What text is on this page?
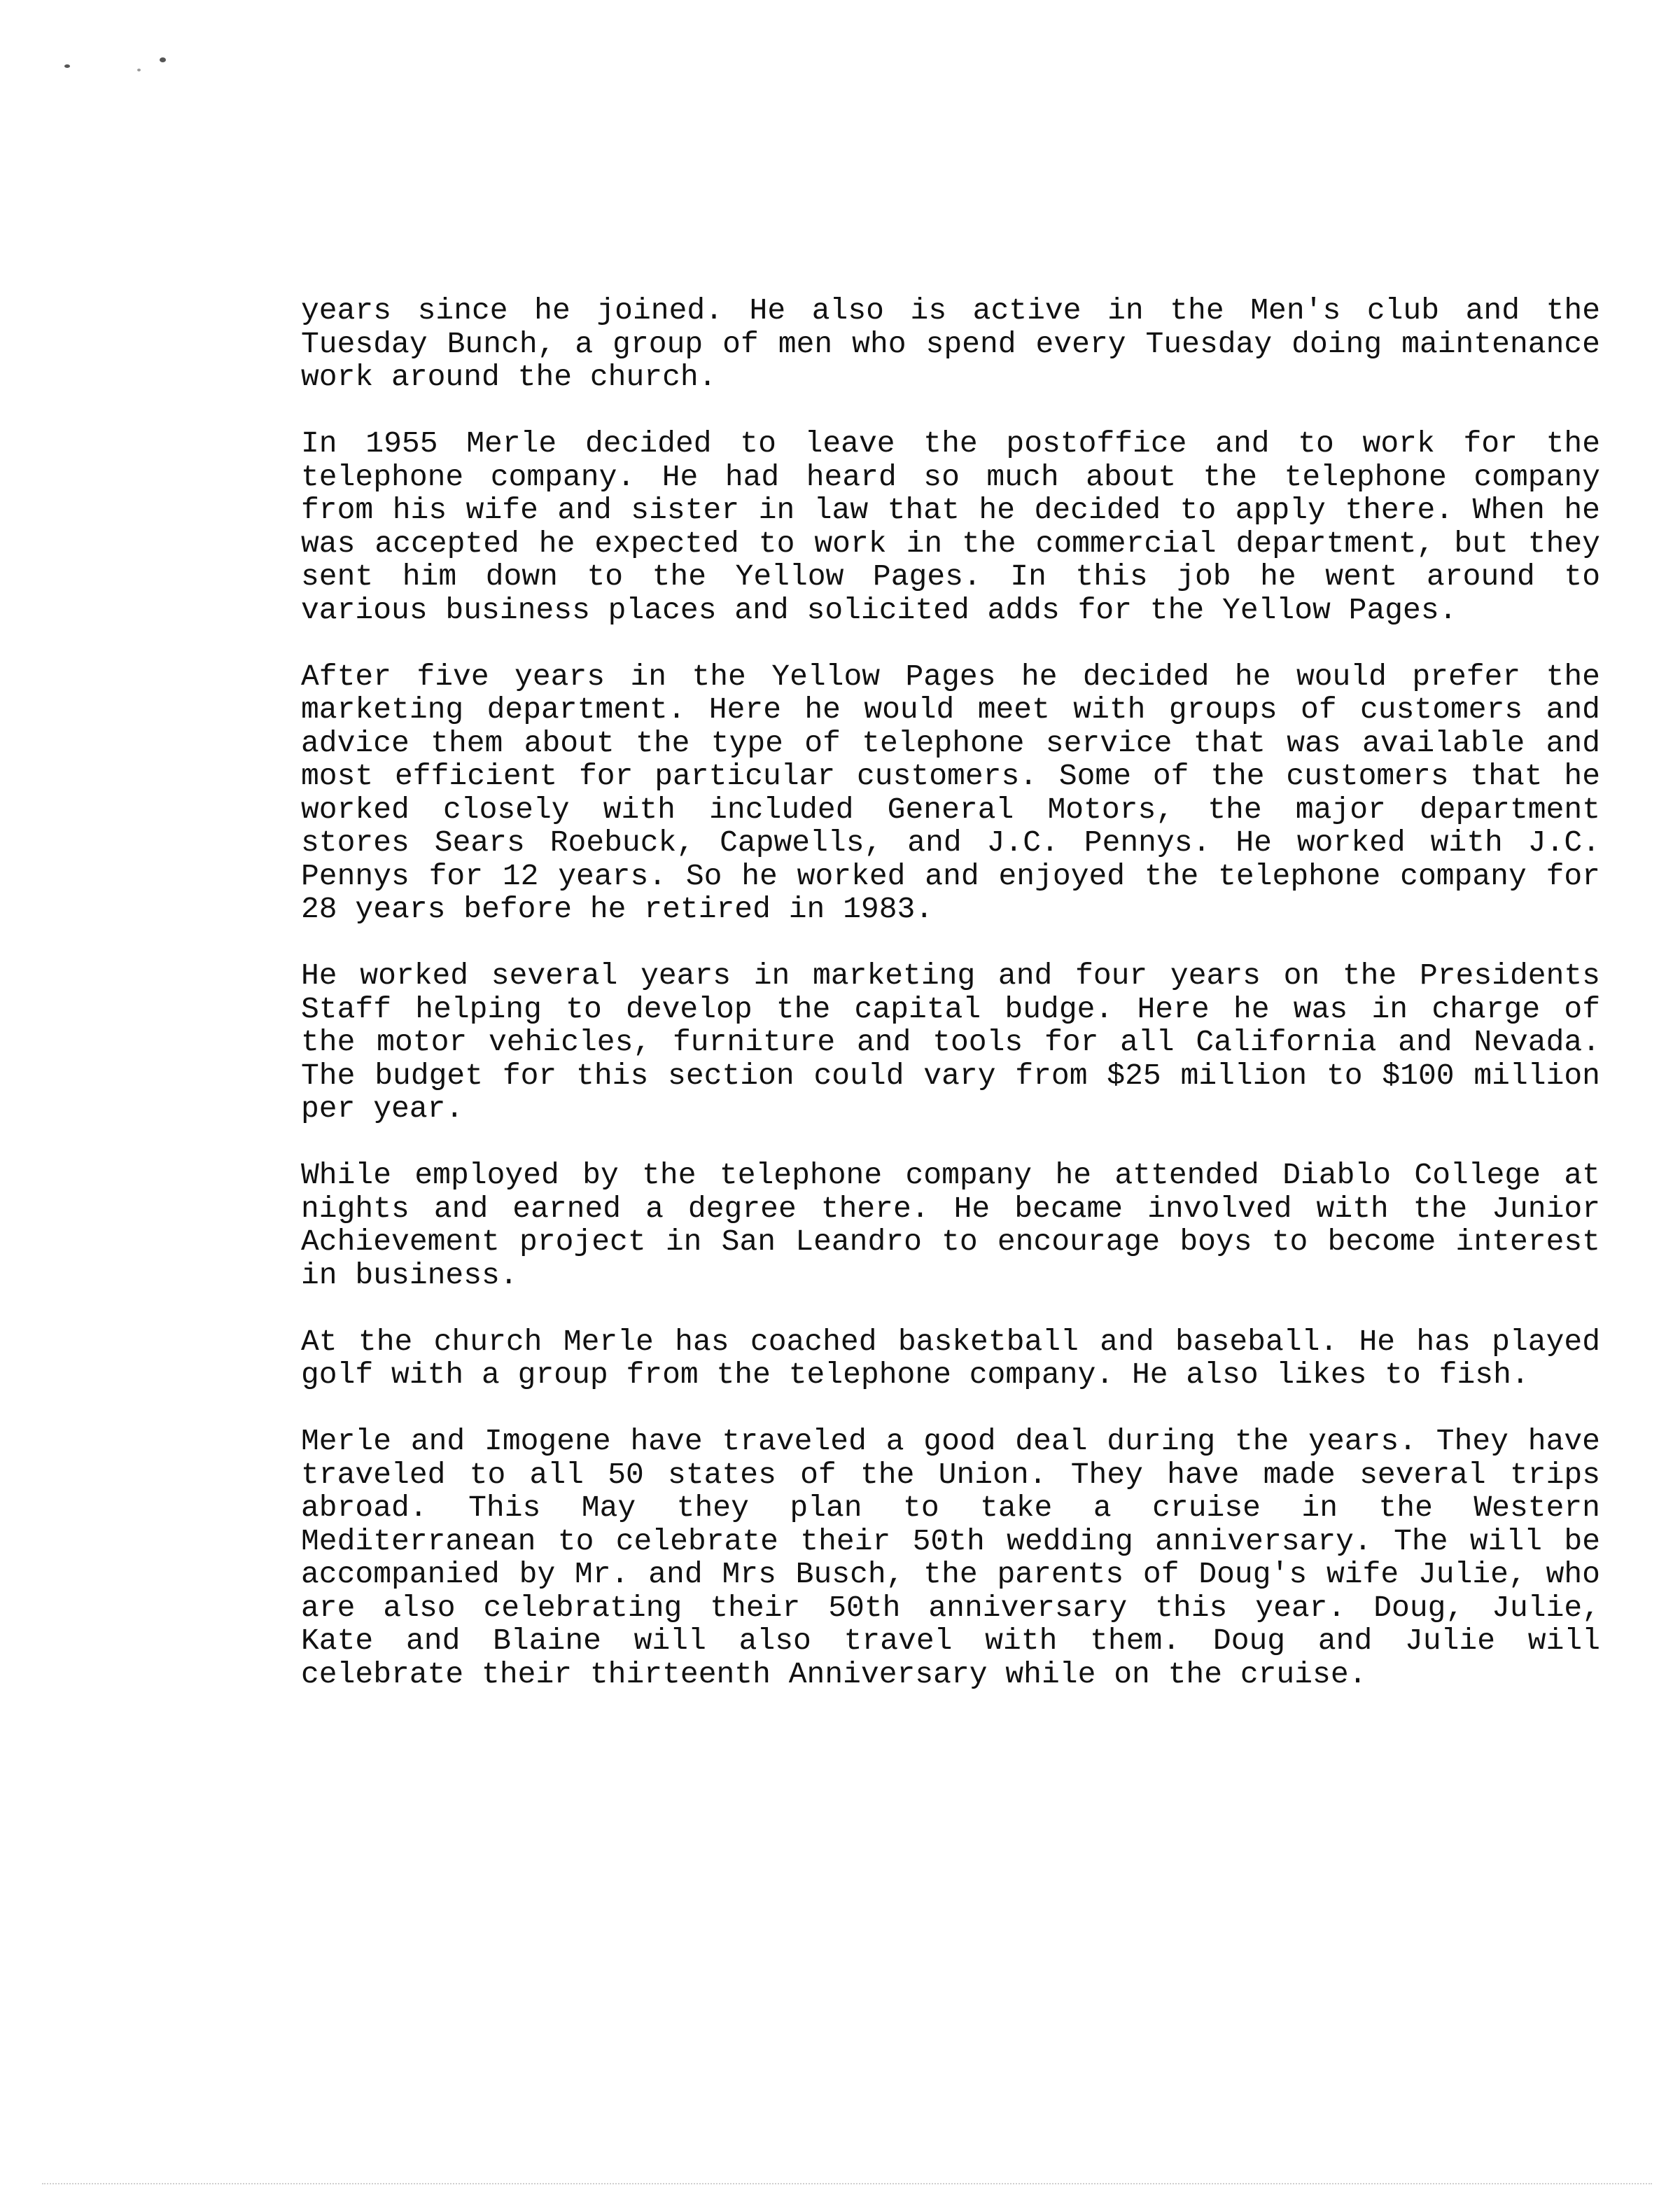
years since he joined. He also is active in the Men's club and the Tuesday Bunch, a group of men who spend every Tuesday doing maintenance work around the church.

In 1955 Merle decided to leave the postoffice and to work for the telephone company. He had heard so much about the telephone company from his wife and sister in law that he decided to apply there. When he was accepted he expected to work in the commercial department, but they sent him down to the Yellow Pages. In this job he went around to various business places and solicited adds for the Yellow Pages.

After five years in the Yellow Pages he decided he would prefer the marketing department. Here he would meet with groups of customers and advice them about the type of telephone service that was available and most efficient for particular customers. Some of the customers that he worked closely with included General Motors, the major department stores Sears Roebuck, Capwells, and J.C. Pennys. He worked with J.C. Pennys for 12 years. So he worked and enjoyed the telephone company for 28 years before he retired in 1983.

He worked several years in marketing and four years on the Presidents Staff helping to develop the capital budge. Here he was in charge of the motor vehicles, furniture and tools for all California and Nevada. The budget for this section could vary from $25 million to $100 million per year.

While employed by the telephone company he attended Diablo College at nights and earned a degree there. He became involved with the Junior Achievement project in San Leandro to encourage boys to become interest in business.

At the church Merle has coached basketball and baseball. He has played golf with a group from the telephone company. He also likes to fish.

Merle and Imogene have traveled a good deal during the years. They have traveled to all 50 states of the Union. They have made several trips abroad. This May they plan to take a cruise in the Western Mediterranean to celebrate their 50th wedding anniversary. The will be accompanied by Mr. and Mrs Busch, the parents of Doug's wife Julie, who are also celebrating their 50th anniversary this year. Doug, Julie, Kate and Blaine will also travel with them. Doug and Julie will celebrate their thirteenth Anniversary while on the cruise.
